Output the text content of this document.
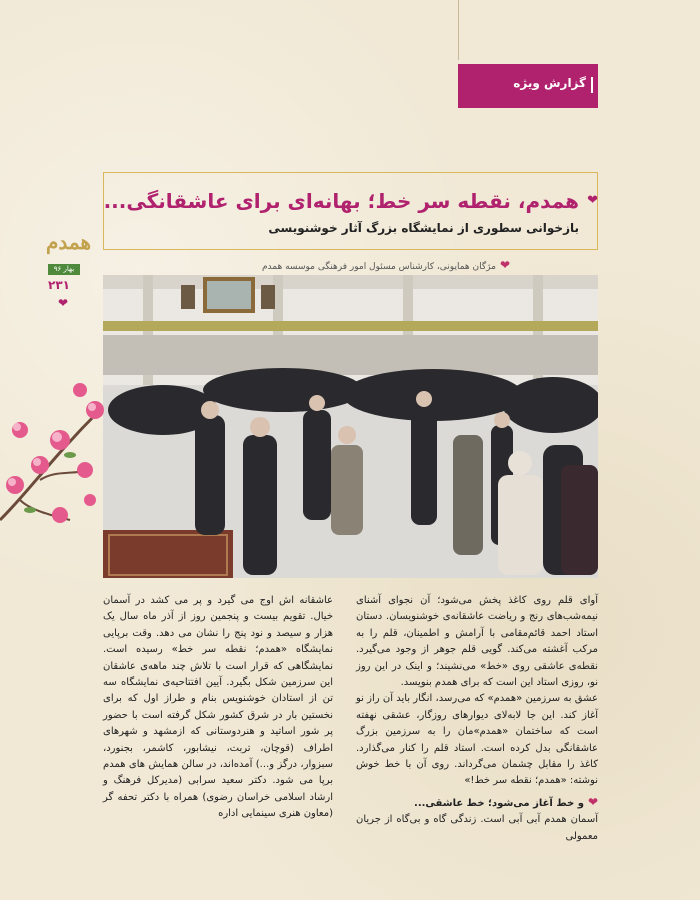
گزارش ویژه
❤
همدم، نقطه سر خط؛ بهانه‌ای برای عاشقانگی...
بازخوانی سطوری از نمایشگاه بزرگ آثار خوشنویسی
❤مژگان همایونی، کارشناس مسئول امور فرهنگی موسسه همدم
همدم
بهار ۹۶
۲۳۱
❤

آوای قلم روی کاغذ پخش می‌شود؛ آن نجوای آشنای نیمه‌شب‌های رنج و ریاضت عاشقانه‌ی خوشنویسان. دستان استاد احمد قائم‌مقامی با آرامش و اطمینان، قلم را به مرکب آغشته می‌کند. گویی قلم جوهر از وجود می‌گیرد. نقطه‌ی عاشقی روی «خط» می‌نشیند؛ و اینک در این روز نو، روزی استاد این است که برای همدم بنویسد.

عشق به سرزمین «همدم» که می‌رسد، انگار باید آن راز نو آغاز کند. این جا لابه‌لای دیوارهای روزگار، عشقی نهفته است که ساختمان «همدم»مان را به سرزمین بزرگ عاشقانگی بدل کرده است. استاد قلم را کنار می‌گذارد. کاغذ را مقابل چشمان می‌گرداند. روی آن با خط خوش نوشته: «همدم؛ نقطه سر خط!»

❤و خط آغاز می‌شود؛ خط عاشقی...

آسمان همدم آبی آبی است. زندگی گاه و بی‌گاه از جریان معمولی

عاشقانه اش اوج می گیرد و پر می کشد در آسمان خیال. تقویم بیست و پنجمین روز از آذر ماه سال یک هزار و سیصد و نود پنج را نشان می دهد. وقت برپایی نمایشگاه «همدم؛ نقطه سر خط» رسیده است. نمایشگاهی که قرار است با تلاش چند ماهه‌ی عاشقان این سرزمین شکل بگیرد. آیین افتتاحیه‌ی نمایشگاه سه تن از استادان خوشنویس بنام و طراز اول که برای نخستین بار در شرق کشور شکل گرفته است با حضور پر شور اساتید و هنردوستانی که ازمشهد و شهرهای اطراف (قوچان، تربت، نیشابور، کاشمر، بجنورد، سبزوار، درگز و...) آمده‌اند، در سالن همایش های همدم برپا می شود. دکتر سعید سرابی (مدیرکل فرهنگ و ارشاد اسلامی خراسان رضوی) همراه با دکتر تحفه گر (معاون هنری سینمایی اداره
